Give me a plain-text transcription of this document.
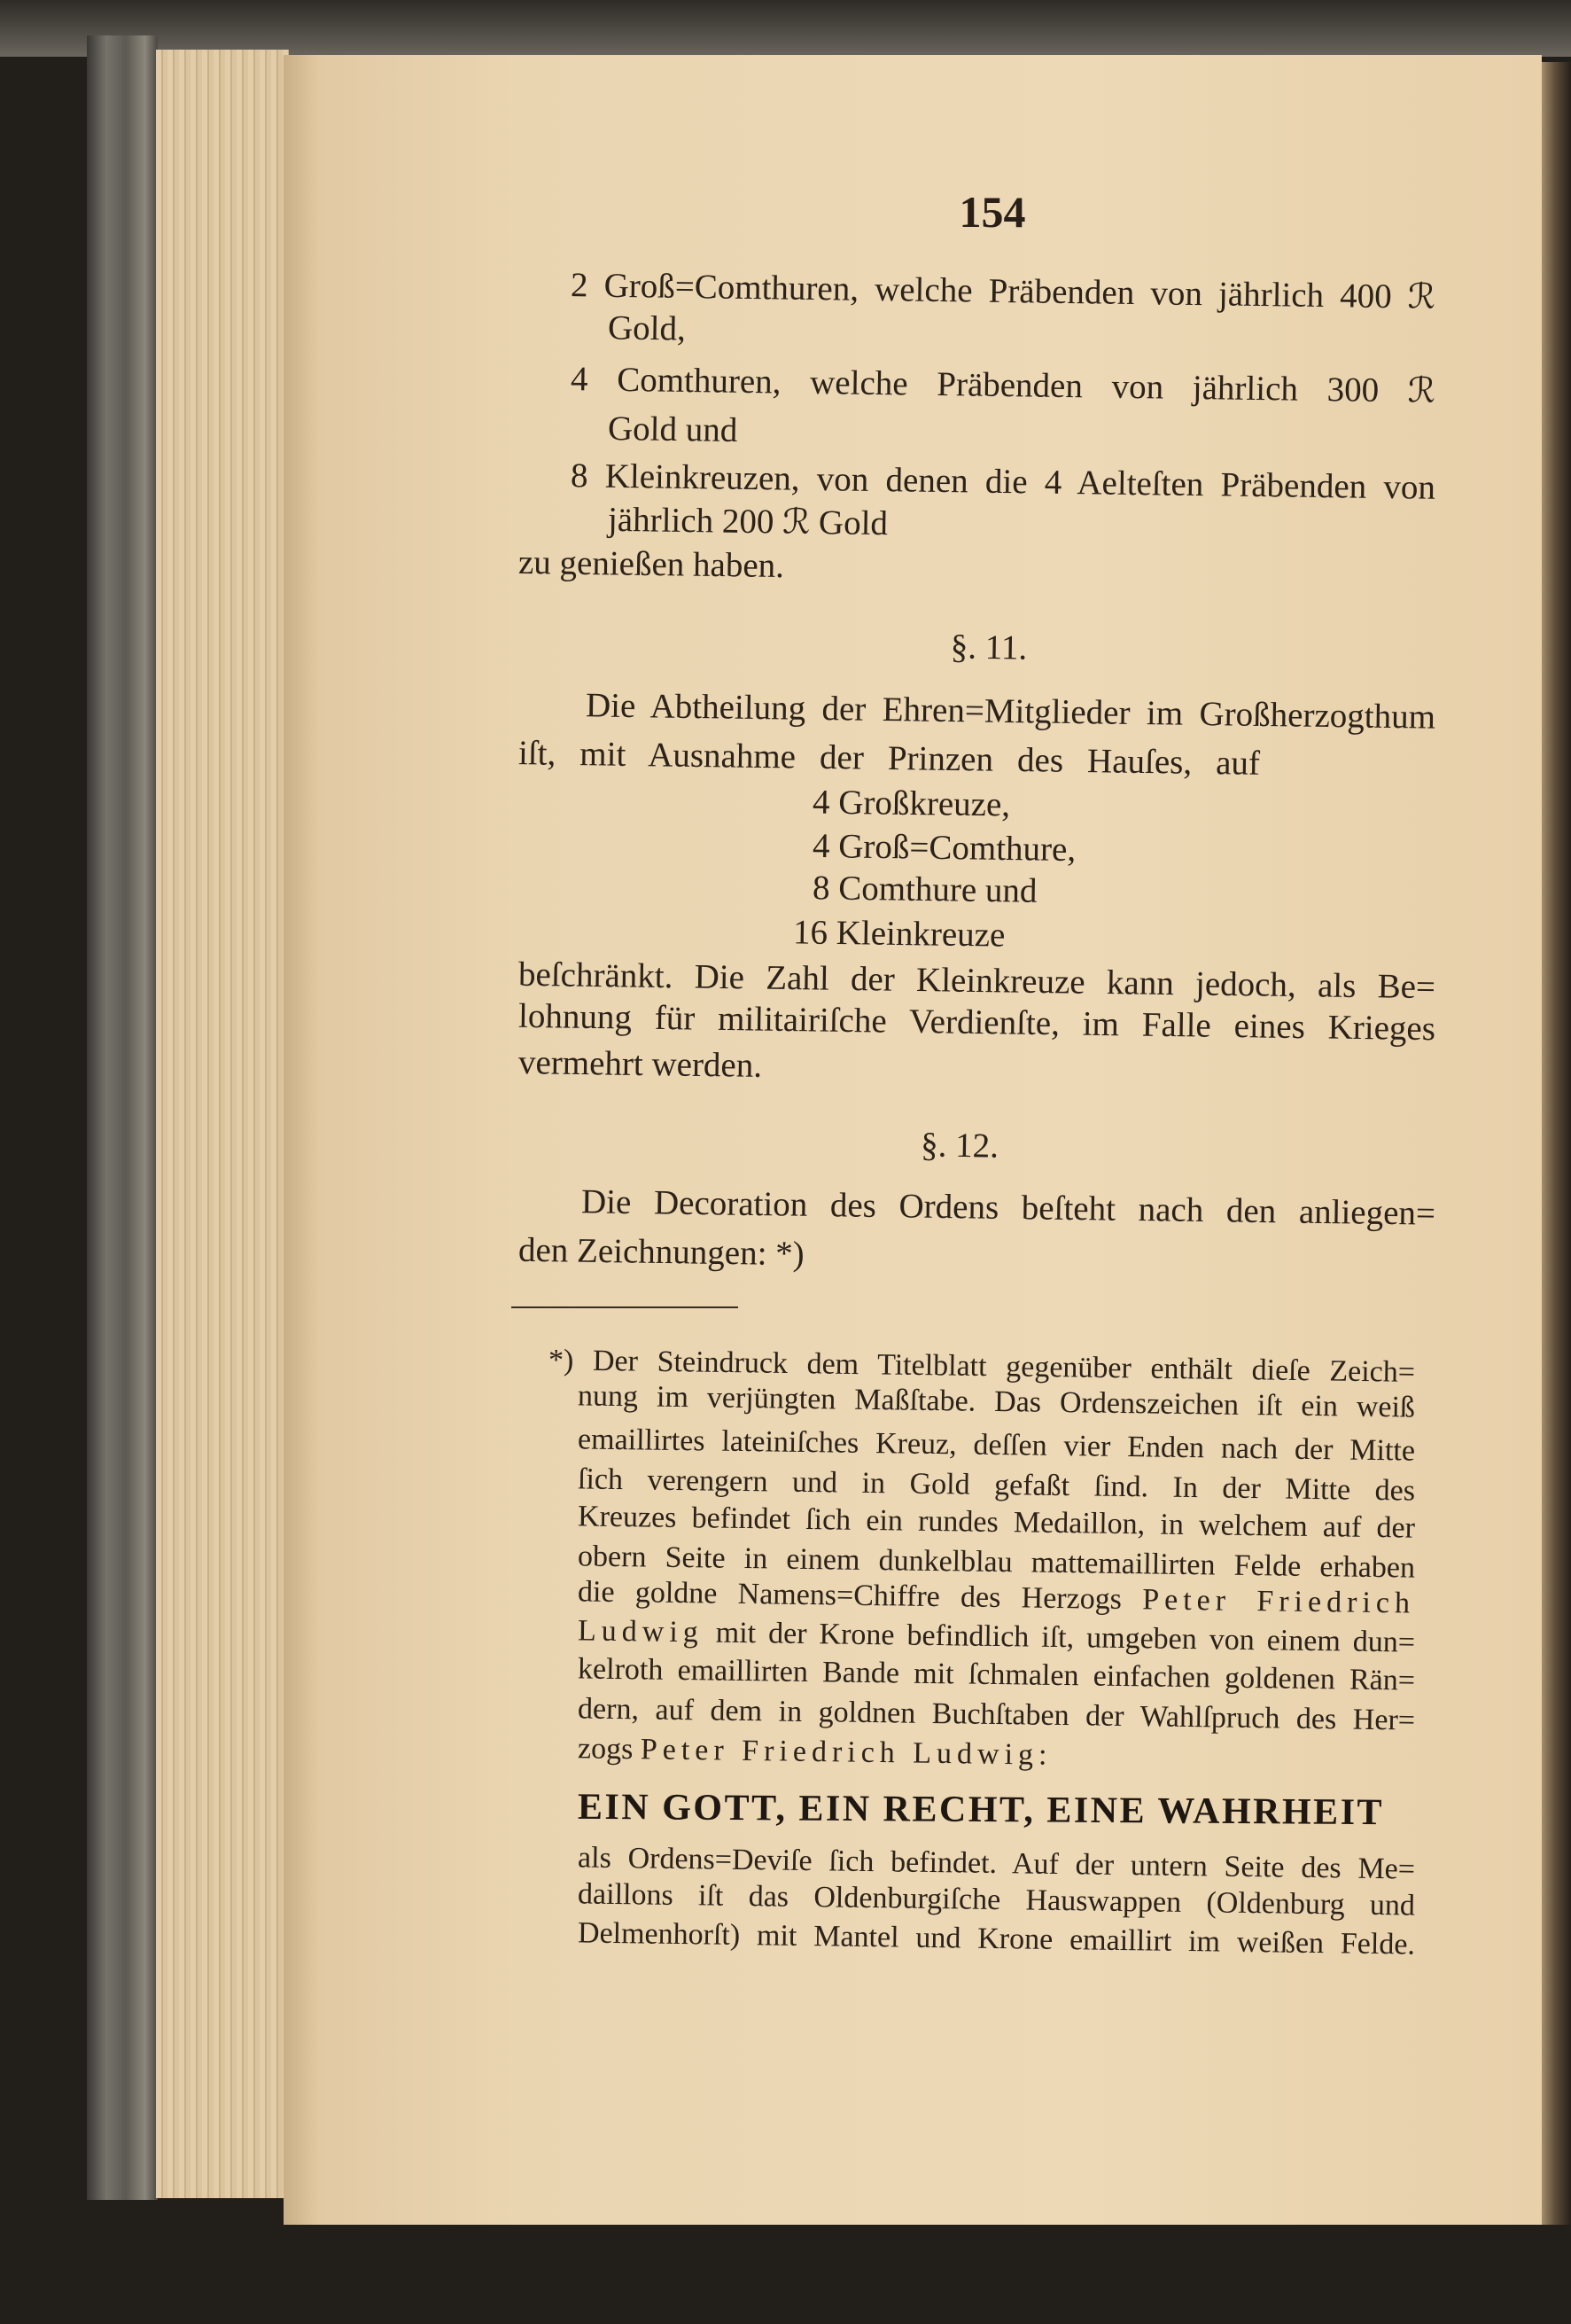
154
2 Groß=Comthuren, welche Präbenden von jährlich 400 ℛ
Gold,
4 Comthuren, welche Präbenden von jährlich 300 ℛ
Gold und
8 Kleinkreuzen, von denen die 4 Aelteſten Präbenden von
jährlich 200 ℛ Gold
zu genießen haben.
§. 11.
Die Abtheilung der Ehren=Mitglieder im Großherzogthum
iſt, mit Ausnahme der Prinzen des Hauſes, auf
4 Großkreuze,
4 Groß=Comthure,
8 Comthure und
16 Kleinkreuze
beſchränkt. Die Zahl der Kleinkreuze kann jedoch, als Be=
lohnung für militairiſche Verdienſte, im Falle eines Krieges
vermehrt werden.
§. 12.
Die Decoration des Ordens beſteht nach den anliegen=
den Zeichnungen: *)
*) Der Steindruck dem Titelblatt gegenüber enthält dieſe Zeich=
nung im verjüngten Maßſtabe. Das Ordenszeichen iſt ein weiß
emaillirtes lateiniſches Kreuz, deſſen vier Enden nach der Mitte
ſich verengern und in Gold gefaßt ſind. In der Mitte des
Kreuzes befindet ſich ein rundes Medaillon, in welchem auf der
obern Seite in einem dunkelblau mattemaillirten Felde erhaben
die goldne Namens=Chiffre des Herzogs Peter Friedrich
Ludwig mit der Krone befindlich iſt, umgeben von einem dun=
kelroth emaillirten Bande mit ſchmalen einfachen goldenen Rän=
dern, auf dem in goldnen Buchſtaben der Wahlſpruch des Her=
zogs Peter Friedrich Ludwig:
EIN GOTT, EIN RECHT, EINE WAHRHEIT
als Ordens=Deviſe ſich befindet. Auf der untern Seite des Me=
daillons iſt das Oldenburgiſche Hauswappen (Oldenburg und
Delmenhorſt) mit Mantel und Krone emaillirt im weißen Felde.
